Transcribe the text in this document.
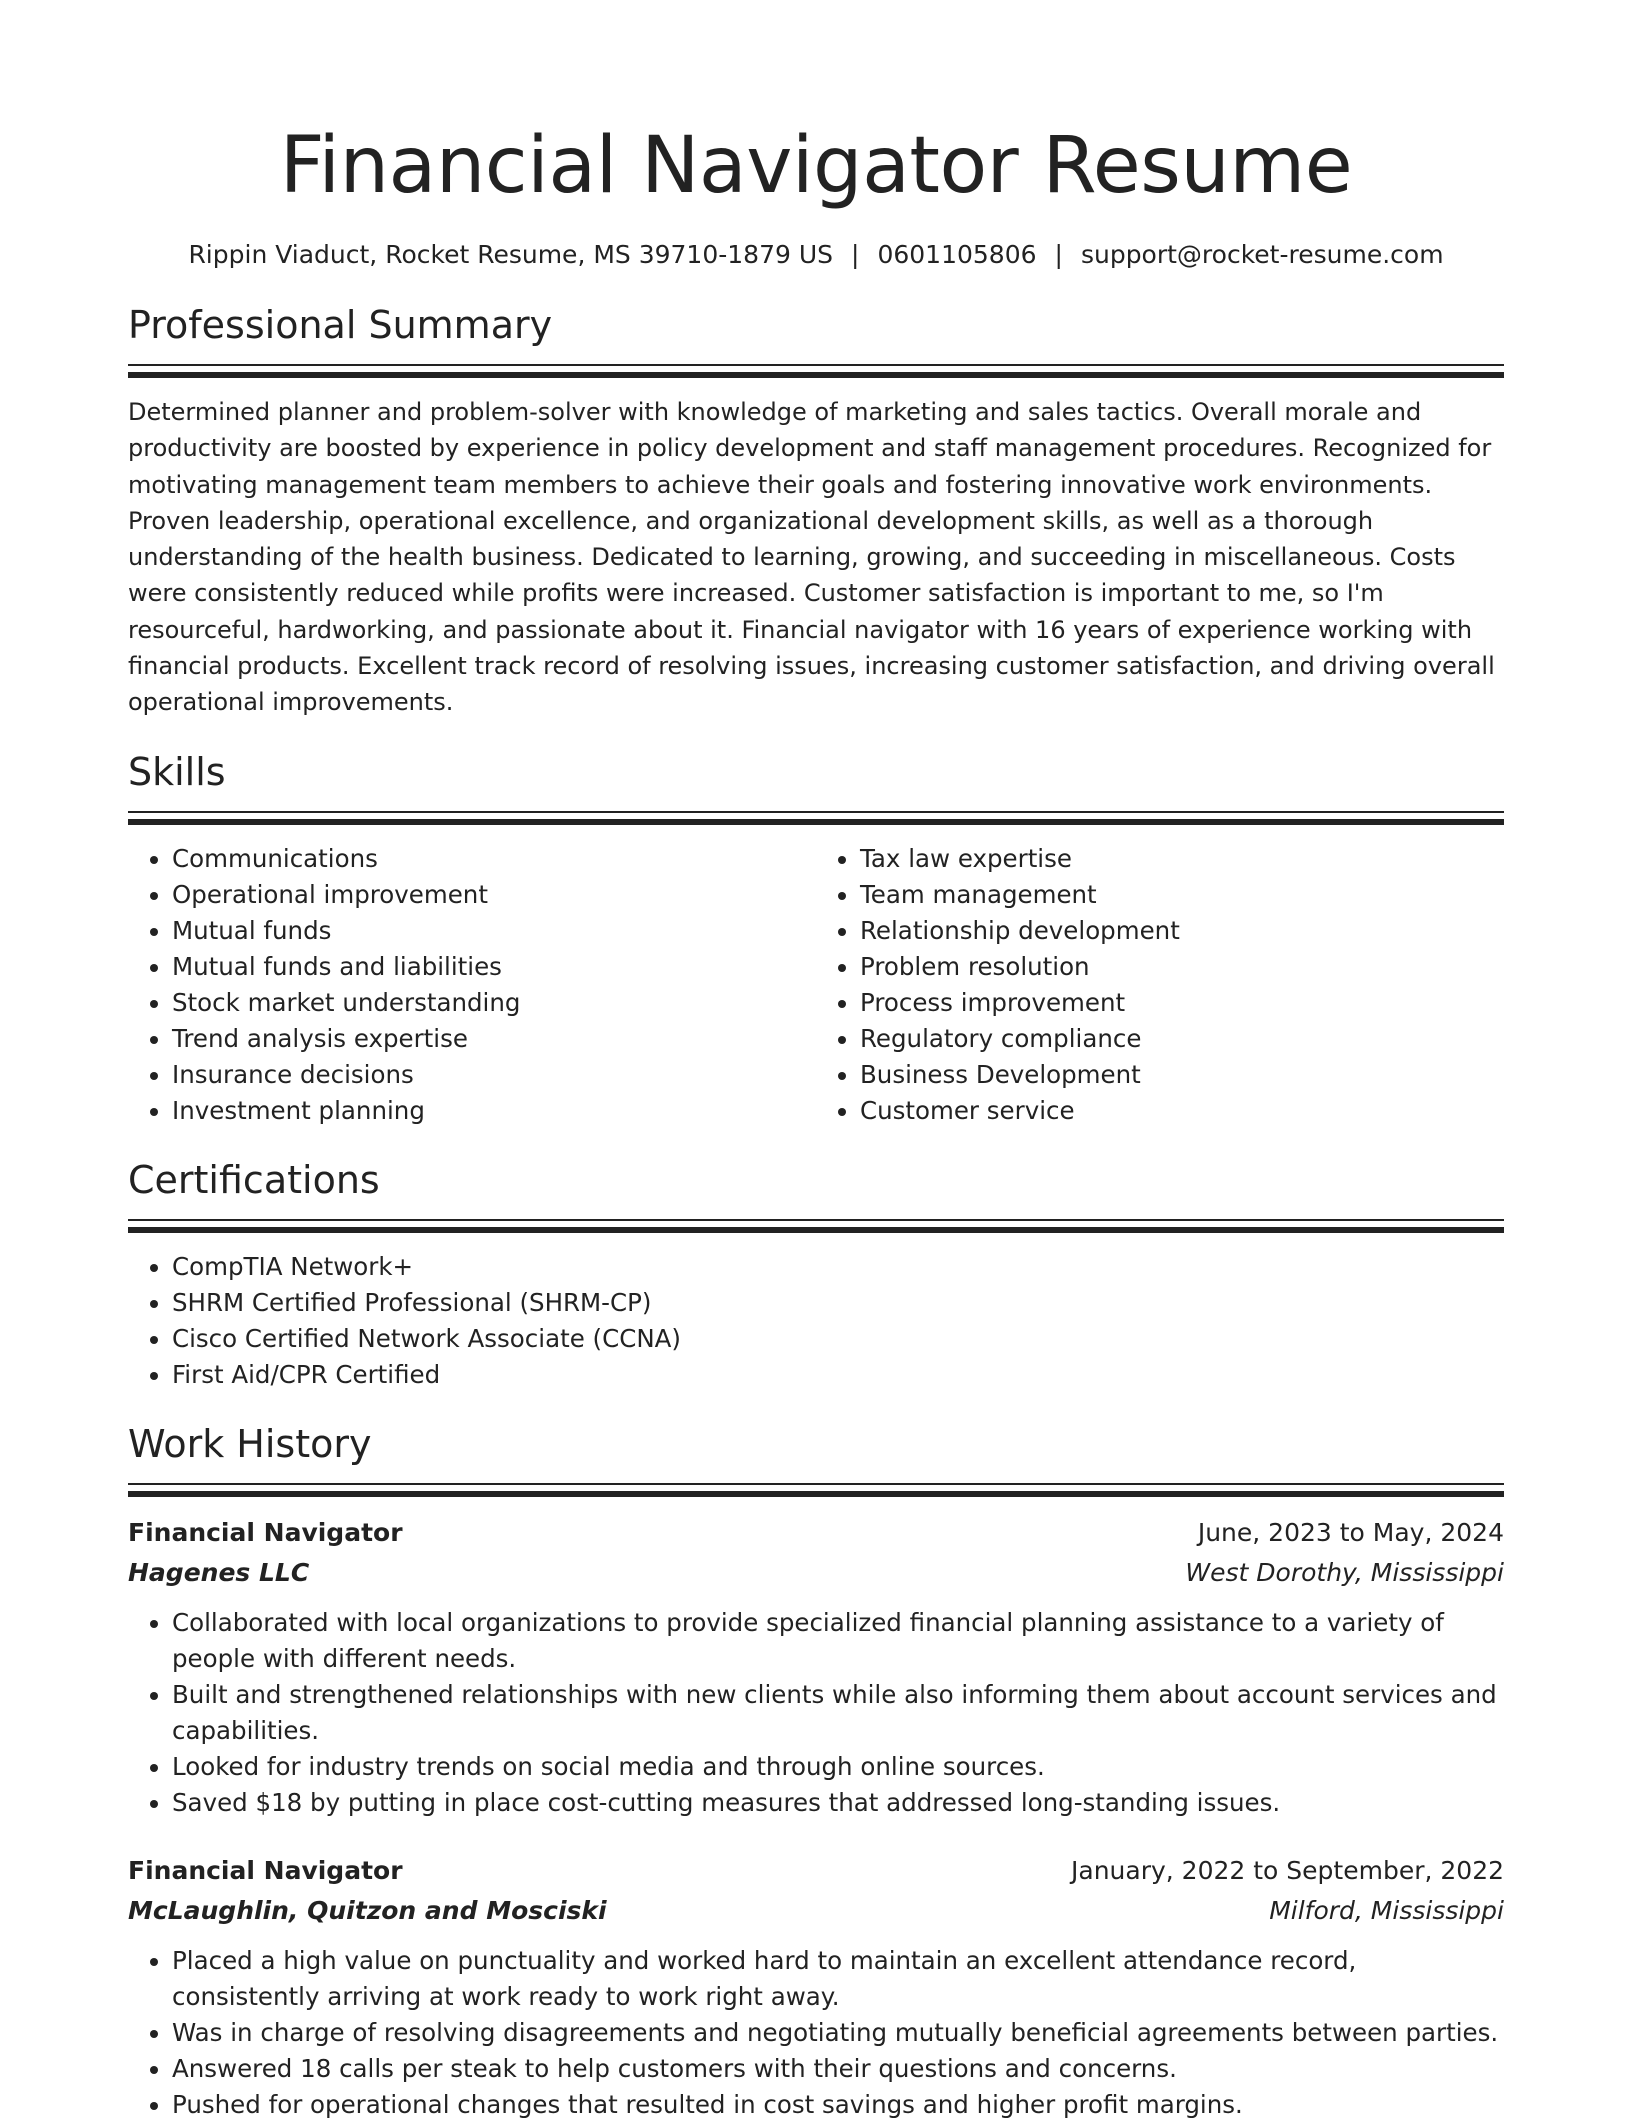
Financial Navigator Resume
Rippin Viaduct, Rocket Resume, MS 39710-1879 US | 0601105806 | support@rocket-resume.com
Professional Summary

Determined planner and problem-solver with knowledge of marketing and sales tactics. Overall morale and productivity are boosted by experience in policy development and staff management procedures. Recognized for motivating management team members to achieve their goals and fostering innovative work environments. Proven leadership, operational excellence, and organizational development skills, as well as a thorough understanding of the health business. Dedicated to learning, growing, and succeeding in miscellaneous. Costs were consistently reduced while profits were increased. Customer satisfaction is important to me, so I'm resourceful, hardworking, and passionate about it. Financial navigator with 16 years of experience working with financial products. Excellent track record of resolving issues, increasing customer satisfaction, and driving overall operational improvements.

Skills
• Communications
• Operational improvement
• Mutual funds
• Mutual funds and liabilities
• Stock market understanding
• Trend analysis expertise
• Insurance decisions
• Investment planning
• Tax law expertise
• Team management
• Relationship development
• Problem resolution
• Process improvement
• Regulatory compliance
• Business Development
• Customer service
Certifications
• CompTIA Network+
• SHRM Certified Professional (SHRM-CP)
• Cisco Certified Network Associate (CCNA)
• First Aid/CPR Certified
Work History
Financial Navigator	June, 2023 to May, 2024
Hagenes LLC	West Dorothy, Mississippi
• Collaborated with local organizations to provide specialized financial planning assistance to a variety of people with different needs.
• Built and strengthened relationships with new clients while also informing them about account services and capabilities.
• Looked for industry trends on social media and through online sources.
• Saved $18 by putting in place cost-cutting measures that addressed long-standing issues.
Financial Navigator	January, 2022 to September, 2022
McLaughlin, Quitzon and Mosciski	Milford, Mississippi
• Placed a high value on punctuality and worked hard to maintain an excellent attendance record, consistently arriving at work ready to work right away.
• Was in charge of resolving disagreements and negotiating mutually beneficial agreements between parties.
• Answered 18 calls per steak to help customers with their questions and concerns.
• Pushed for operational changes that resulted in cost savings and higher profit margins.
